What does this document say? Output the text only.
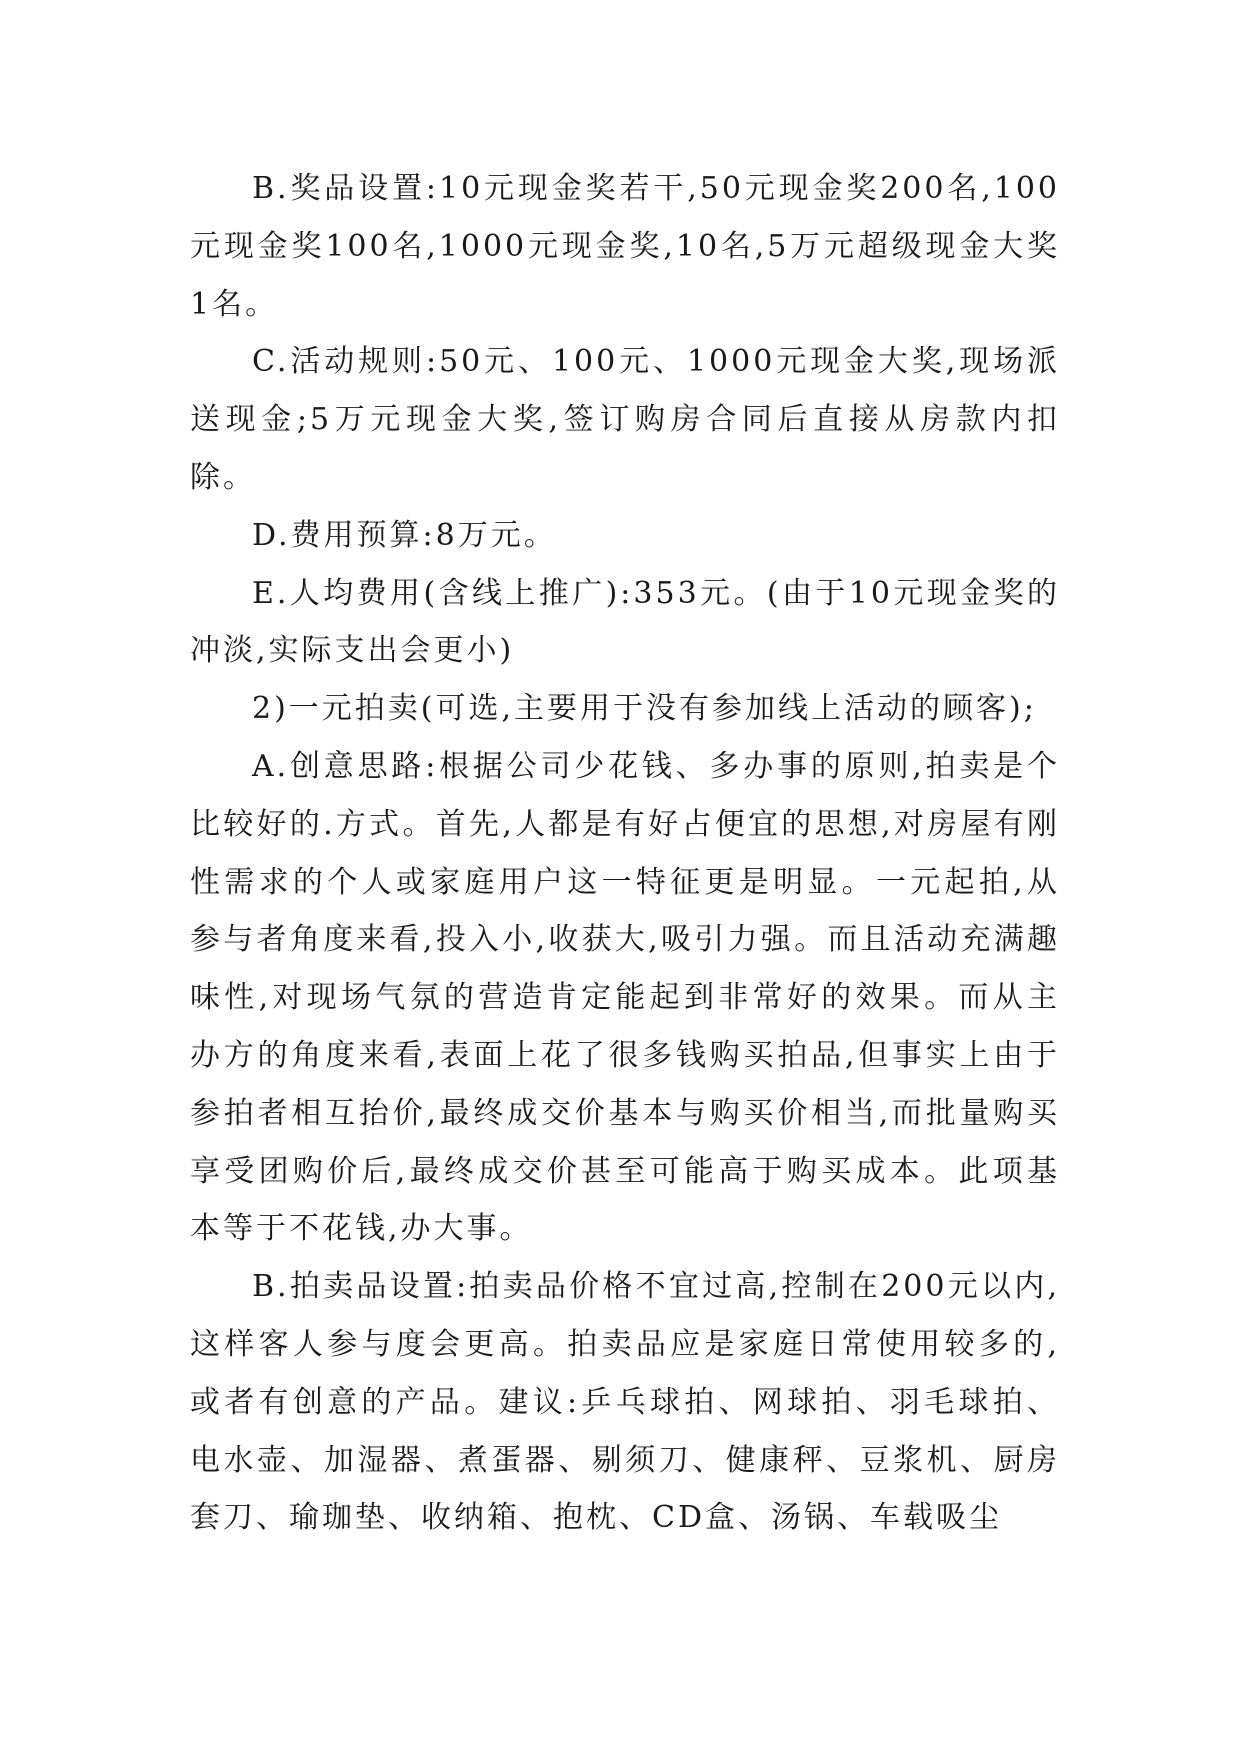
B.奖品设置:10元现金奖若干,50元现金奖200名,100元现金奖100名,1000元现金奖,10名,5万元超级现金大奖1名。

C.活动规则:50元、100元、1000元现金大奖,现场派送现金;5万元现金大奖,签订购房合同后直接从房款内扣除。

D.费用预算:8万元。

E.人均费用(含线上推广):353元。(由于10元现金奖的冲淡,实际支出会更小)

2)一元拍卖(可选,主要用于没有参加线上活动的顾客);

A.创意思路:根据公司少花钱、多办事的原则,拍卖是个比较好的.方式。首先,人都是有好占便宜的思想,对房屋有刚性需求的个人或家庭用户这一特征更是明显。一元起拍,从参与者角度来看,投入小,收获大,吸引力强。而且活动充满趣味性,对现场气氛的营造肯定能起到非常好的效果。而从主办方的角度来看,表面上花了很多钱购买拍品,但事实上由于参拍者相互抬价,最终成交价基本与购买价相当,而批量购买享受团购价后,最终成交价甚至可能高于购买成本。此项基本等于不花钱,办大事。

B.拍卖品设置:拍卖品价格不宜过高,控制在200元以内,这样客人参与度会更高。拍卖品应是家庭日常使用较多的,或者有创意的产品。建议:乒乓球拍、网球拍、羽毛球拍、电水壶、加湿器、煮蛋器、剔须刀、健康秤、豆浆机、厨房套刀、瑜珈垫、收纳箱、抱枕、CD盒、汤锅、车载吸尘
